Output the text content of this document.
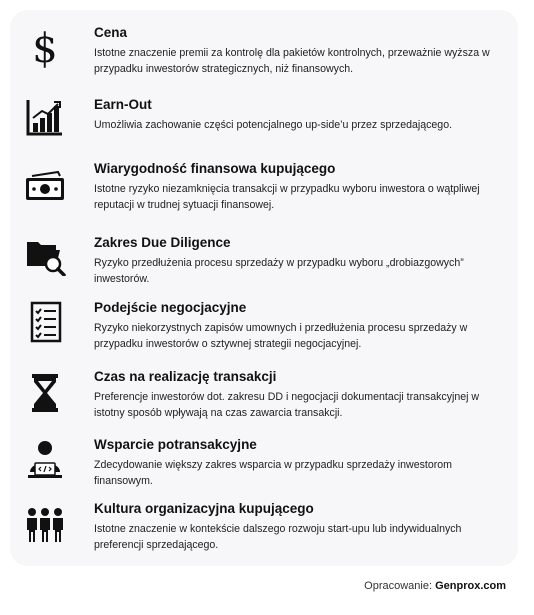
$	Cena
Istotne znaczenie premii za kontrolę dla pakietów kontrolnych, przeważnie wyższa w przypadku inwestorów strategicznych, niż finansowych.
Earn-Out
Umożliwia zachowanie części potencjalnego up-side’u przez sprzedającego.
Wiarygodność finansowa kupującego
Istotne ryzyko niezamknięcia transakcji w przypadku wyboru inwestora o wątpliwej reputacji w trudnej sytuacji finansowej.
Zakres Due Diligence
Ryzyko przedłużenia procesu sprzedaży w przypadku wyboru „drobiazgowych” inwestorów.
Podejście negocjacyjne
Ryzyko niekorzystnych zapisów umownych i przedłużenia procesu sprzedaży w przypadku inwestorów o sztywnej strategii negocjacyjnej.
Czas na realizację transakcji
Preferencje inwestorów dot. zakresu DD i negocjacji dokumentacji transakcyjnej w istotny sposób wpływają na czas zawarcia transakcji.
Wsparcie potransakcyjne
Zdecydowanie większy zakres wsparcia w przypadku sprzedaży inwestorom finansowym.
Kultura organizacyjna kupującego
Istotne znaczenie w kontekście dalszego rozwoju start-upu lub indywidualnych preferencji sprzedającego.
Opracowanie: Genprox.com
